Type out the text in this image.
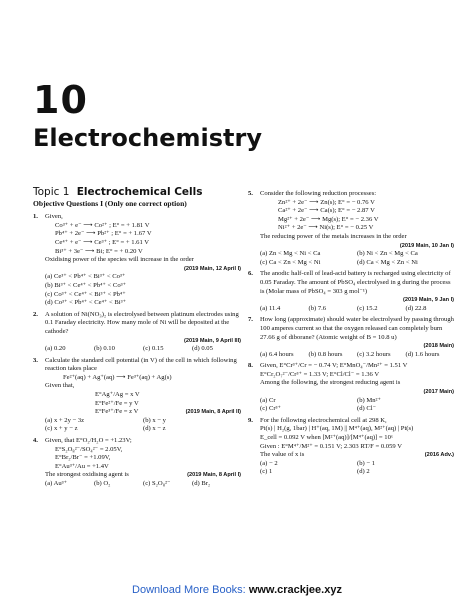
10
Electrochemistry
Topic 1 Electrochemical Cells
Objective Questions I (Only one correct option)
1. Given,

Co³⁺ + e⁻ ⟶ Co²⁺ ; E° = + 1.81 V
Pb⁴⁺ + 2e⁻ ⟶ Pb²⁺ ; E° = + 1.67 V
Ce⁴⁺ + e⁻ ⟶ Ce³⁺ ; E° = + 1.61 V
Bi³⁺ + 3e⁻ ⟶ Bi; E° = + 0.20 V

Oxidising power of the species will increase in the order

(2019 Main, 12 April I)
(a) Ce³⁺ < Pb⁴⁺ < Bi³⁺ < Co³⁺
(b) Bi³⁺ < Ce⁴⁺ < Pb⁴⁺ < Co³⁺
(c) Co³⁺ < Ce⁴⁺ < Bi³⁺ < Pb⁴⁺
(d) Co³⁺ < Pb⁴⁺ < Ce⁴⁺ < Bi³⁺
2. A solution of Ni(NO₃)₂ is electrolysed between platinum electrodes using 0.1 Faraday electricity. How many mole of Ni will be deposited at the cathode?

(2019 Main, 9 April III)
(a) 0.20	(b) 0.10	(c) 0.15	(d) 0.05
3. Calculate the standard cell potential (in V) of the cell in which following reaction takes place

Fe²⁺(aq) + Ag⁺(aq) ⟶ Fe³⁺(aq) + Ag(s)

Given that,

E°Ag⁺/Ag = x V
E°Fe²⁺/Fe = y V
E°Fe³⁺/Fe = z V	(2019 Main, 8 April II)
(a) x + 2y − 3z	(b) x − y
(c) x + y − z	(d) x − z
4. Given, that E°O₂/H₂O = +1.23V;

E°S₂O₈²⁻/SO₄²⁻ = 2.05V,
E°Br₂/Br⁻ = +1.09V,
E°Au³⁺/Au = +1.4V

The strongest oxidising agent is	(2019 Main, 8 April I)

(a) Au³⁺	(b) O₂	(c) S₂O₈²⁻	(d) Br₂
5. Consider the following reduction processes:

Zn²⁺ + 2e⁻ ⟶ Zn(s); E° = − 0.76 V
Ca²⁺ + 2e⁻ ⟶ Ca(s); E° = − 2.87 V
Mg²⁺ + 2e⁻ ⟶ Mg(s); E° = − 2.36 V
Ni²⁺ + 2e⁻ ⟶ Ni(s); E° = − 0.25 V

The reducing power of the metals increases in the order

(2019 Main, 10 Jan I)
(a) Zn < Mg < Ni < Ca	(b) Ni < Zn < Mg < Ca
(c) Ca < Zn < Mg < Ni	(d) Ca < Mg < Zn < Ni
6. The anodic half-cell of lead-acid battery is recharged using electricity of 0.05 Faraday. The amount of PbSO₄ electrolysed in g during the process is (Molar mass of PbSO₄ = 303 g mol⁻¹)

(2019 Main, 9 Jan I)
(a) 11.4	(b) 7.6	(c) 15.2	(d) 22.8
7. How long (approximate) should water be electrolysed by passing through 100 amperes current so that the oxygen released can completely burn 27.66 g of diborane? (Atomic weight of B = 10.8 u)

(2018 Main)
(a) 6.4 hours	(b) 0.8 hours	(c) 3.2 hours	(d) 1.6 hours
8. Given, E°Cr³⁺/Cr = − 0.74 V; E°MnO₄⁻/Mn²⁺ = 1.51 V

E°Cr₂O₇²⁻/Cr³⁺ = 1.33 V; E°Cl/Cl⁻ = 1.36 V

Among the following, the strongest reducing agent is

(2017 Main)
(a) Cr	(b) Mn²⁺
(c) Cr³⁺	(d) Cl⁻
9. For the following electrochemical cell at 298 K,

Pt(s) | H₂(g, 1bar) | H⁺(aq, 1M) || M⁴⁺(aq), M²⁺(aq) | Pt(s)

E_cell = 0.092 V when [M²⁺(aq)]/[M⁴⁺(aq)] = 10ˣ

Given : E°M⁴⁺/M²⁺ = 0.151 V; 2.303 RT/F = 0.059 V

The value of x is	(2016 Adv.)

(a) − 2	(b) − 1
(c) 1	(d) 2
Download More Books: www.crackjee.xyz
